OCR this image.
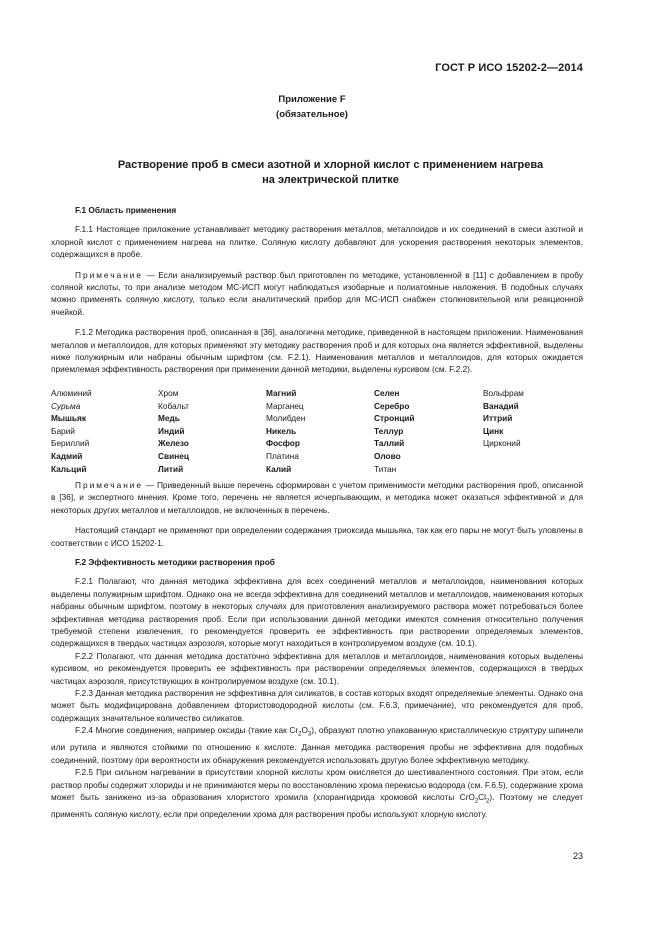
ГОСТ Р ИСО 15202-2—2014
Приложение F
(обязательное)
Растворение проб в смеси азотной и хлорной кислот с применением нагрева
на электрической плитке

F.1 Область применения

F.1.1 Настоящее приложение устанавливает методику растворения металлов, металлоидов и их соединений в смеси азотной и хлорной кислот с применением нагрева на плитке. Соляную кислоту добавляют для ускорения растворения некоторых элементов, содержащихся в пробе.

Примечание — Если анализируемый раствор был приготовлен по методике, установленной в [11] с добавлением в пробу соляной кислоты, то при анализе методом МС-ИСП могут наблюдаться изобарные и полиатомные наложения. В подобных случаях можно применять соляную кислоту, только если аналитический прибор для МС-ИСП снабжен столкновительной или реакционной ячейкой.

F.1.2 Методика растворения проб, описанная в [36], аналогична методике, приведенной в настоящем приложении. Наименования металлов и металлоидов, для которых применяют эту методику растворения проб и для которых она является эффективной, выделены ниже полужирным или набраны обычным шрифтом (см. F.2.1). Наименования металлов и металлоидов, для которых ожидается приемлемая эффективность растворения при применении данной методики, выделены курсивом (см. F.2.2).

Алюминий
Сурьма
Мышьяк
Барий
Бериллий
Кадмий
Кальций
Хром
Кобальт
Медь
Индий
Железо
Свинец
Литий
Магний
Марганец
Молибден
Никель
Фосфор
Платина
Калий
Селен
Серебро
Стронций
Теллур
Таллий
Олово
Титан
Вольфрам
Ванадий
Иттрий
Цинк
Цирконий

Примечание — Приведенный выше перечень сформирован с учетом применимости методики растворения проб, описанной в [36], и экспертного мнения. Кроме того, перечень не является исчерпывающим, и методика может оказаться эффективной и для некоторых других металлов и металлоидов, не включенных в перечень.

Настоящий стандарт не применяют при определении содержания триоксида мышьяка, так как его пары не могут быть уловлены в соответствии с ИСО 15202-1.

F.2 Эффективность методики растворения проб

F.2.1 Полагают, что данная методика эффективна для всех соединений металлов и металлоидов, наименования которых выделены полужирным шрифтом. Однако она не всегда эффективна для соединений металлов и металлоидов, наименования которых набраны обычным шрифтом, поэтому в некоторых случаях для приготовления анализируемого раствора может потребоваться более эффективная методика растворения проб. Если при использовании данной методики имеются сомнения относительно получения требуемой степени извлечения, то рекомендуется проверить ее эффективность при растворении определяемых элементов, содержащихся в твердых частицах аэрозоля, которые могут находиться в контролируемом воздухе (см. 10.1).

F.2.2 Полагают, что данная методика достаточно эффективна для металлов и металлоидов, наименования которых выделены курсивом, но рекомендуется проверить ее эффективность при растворении определяемых элементов, содержащихся в твердых частицах аэрозоля, присутствующих в контролируемом воздухе (см. 10.1).

F.2.3 Данная методика растворения не эффективна для силикатов, в состав которых входят определяемые элементы. Однако она может быть модифицирована добавлением фтористоводородной кислоты (см. F.6.3, примечание), что рекомендуется для проб, содержащих значительное количество силикатов.

F.2.4 Многие соединения, например оксиды (такие как $Cr_2O_3$), образуют плотно упакованную кристаллическую структуру шпинели или рутила и являются стойкими по отношению к кислоте. Данная методика растворения пробы не эффективна для подобных соединений, поэтому при вероятности их обнаружения рекомендуется использовать другую более эффективную методику.

F.2.5 При сильном нагревании в присутствии хлорной кислоты хром окисляется до шестивалентного состояния. При этом, если раствор пробы содержит хлориды и не принимаются меры по восстановлению хрома перекисью водорода (см. F.6.5), содержание хрома может быть занижено из-за образования хлористого хромила (хлорангидрида хромовой кислоты $CrO_2Cl_2$). Поэтому не следует применять соляную кислоту, если при определении хрома для растворения пробы используют хлорную кислоту.

23
